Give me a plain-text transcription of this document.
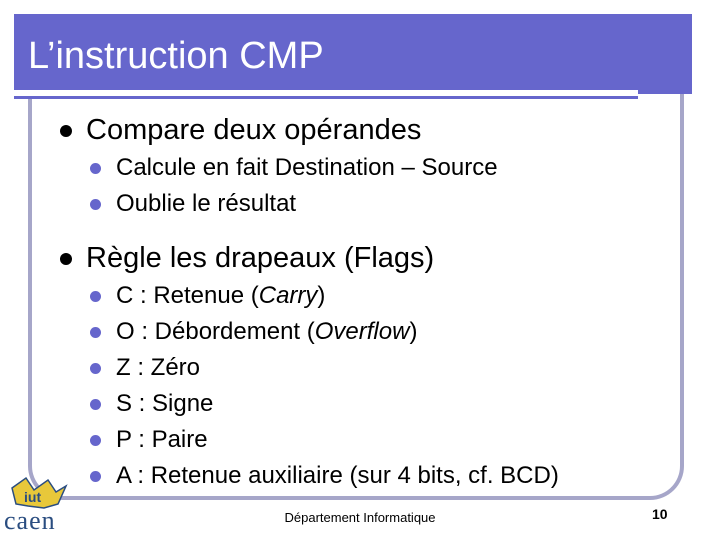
L’instruction CMP
Compare deux opérandes
Calcule en fait Destination – Source
Oublie le résultat
Règle les drapeaux (Flags)
C : Retenue (Carry)
O : Débordement (Overflow)
Z : Zéro
S : Signe
P : Paire
A : Retenue auxiliaire (sur 4 bits, cf. BCD)
iut
caen	Département Informatique	10
